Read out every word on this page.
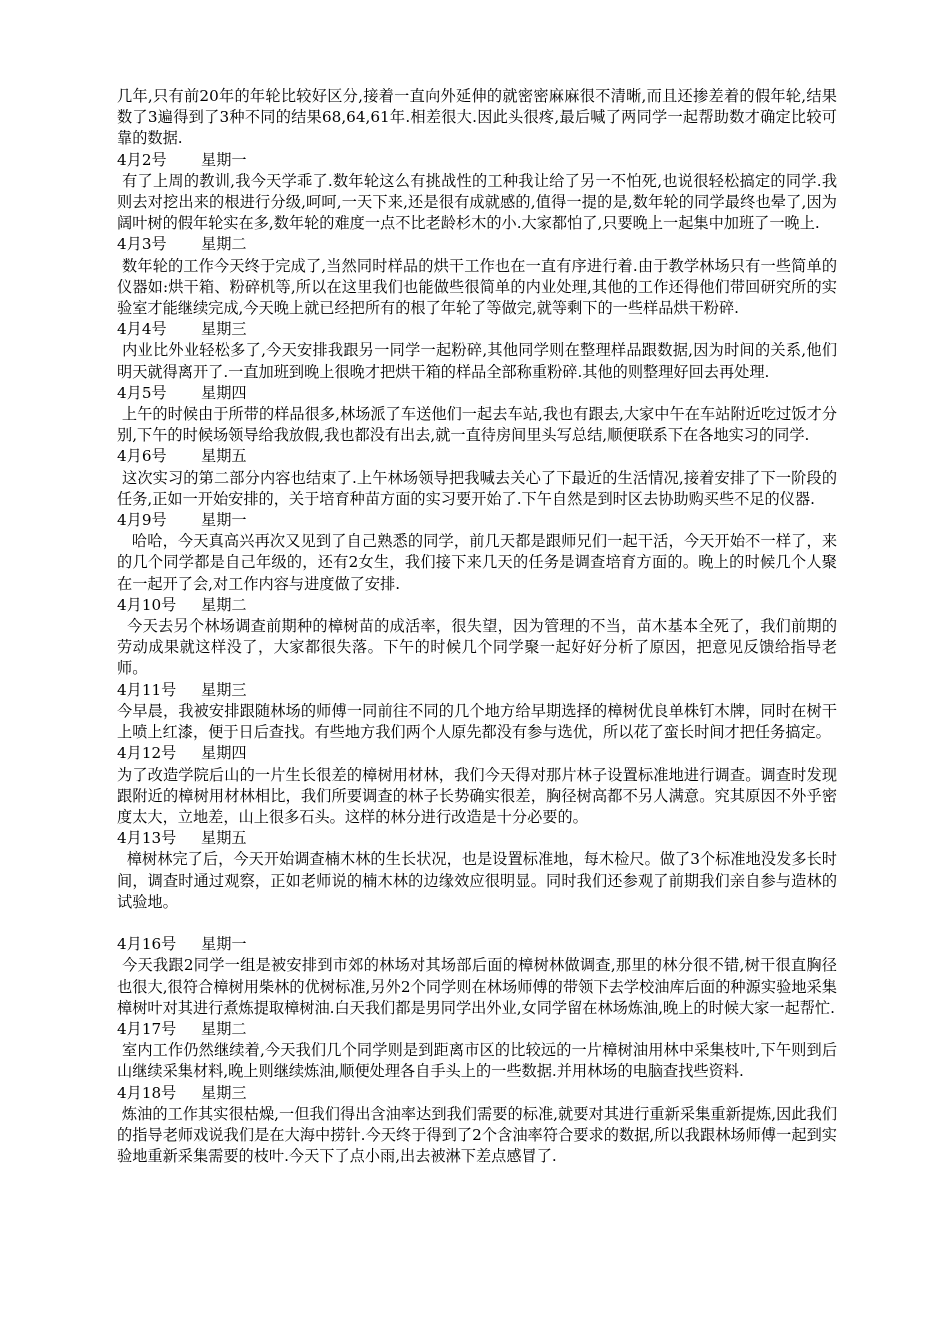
几年,只有前20年的年轮比较好区分,接着一直向外延伸的就密密麻麻很不清晰,而且还掺差着的假年轮,结果数了3遍得到了3种不同的结果68,64,61年.相差很大.因此头很疼,最后喊了两同学一起帮助数才确定比较可靠的数据.

4月2号 星期一

有了上周的教训,我今天学乖了.数年轮这么有挑战性的工种我让给了另一不怕死,也说很轻松搞定的同学.我则去对挖出来的根进行分级,呵呵,一天下来,还是很有成就感的,值得一提的是,数年轮的同学最终也晕了,因为阔叶树的假年轮实在多,数年轮的难度一点不比老龄杉木的小.大家都怕了,只要晚上一起集中加班了一晚上.

4月3号 星期二

数年轮的工作今天终于完成了,当然同时样品的烘干工作也在一直有序进行着.由于教学林场只有一些简单的仪器如:烘干箱、粉碎机等,所以在这里我们也能做些很简单的内业处理,其他的工作还得他们带回研究所的实验室才能继续完成,今天晚上就已经把所有的根了年轮了等做完,就等剩下的一些样品烘干粉碎.

4月4号 星期三

内业比外业轻松多了,今天安排我跟另一同学一起粉碎,其他同学则在整理样品跟数据,因为时间的关系,他们明天就得离开了.一直加班到晚上很晚才把烘干箱的样品全部称重粉碎.其他的则整理好回去再处理.

4月5号 星期四

上午的时候由于所带的样品很多,林场派了车送他们一起去车站,我也有跟去,大家中午在车站附近吃过饭才分别,下午的时候场领导给我放假,我也都没有出去,就一直待房间里头写总结,顺便联系下在各地实习的同学.

4月6号 星期五

这次实习的第二部分内容也结束了.上午林场领导把我喊去关心了下最近的生活情况,接着安排了下一阶段的任务,正如一开始安排的，关于培育种苗方面的实习要开始了.下午自然是到时区去协助购买些不足的仪器.

4月9号 星期一

哈哈，今天真高兴再次又见到了自己熟悉的同学，前几天都是跟师兄们一起干活，今天开始不一样了，来的几个同学都是自己年级的，还有2女生，我们接下来几天的任务是调查培育方面的。晚上的时候几个人聚在一起开了会,对工作内容与进度做了安排.

4月10号 星期二

今天去另个林场调查前期种的樟树苗的成活率，很失望，因为管理的不当，苗木基本全死了，我们前期的劳动成果就这样没了，大家都很失落。下午的时候几个同学聚一起好好分析了原因，把意见反馈给指导老师。

4月11号 星期三

今早晨，我被安排跟随林场的师傅一同前往不同的几个地方给早期选择的樟树优良单株钉木牌，同时在树干上喷上红漆，便于日后查找。有些地方我们两个人原先都没有参与选优，所以花了蛮长时间才把任务搞定。

4月12号 星期四

为了改造学院后山的一片生长很差的樟树用材林，我们今天得对那片林子设置标准地进行调查。调查时发现跟附近的樟树用材林相比，我们所要调查的林子长势确实很差，胸径树高都不另人满意。究其原因不外乎密度太大，立地差，山上很多石头。这样的林分进行改造是十分必要的。

4月13号 星期五

樟树林完了后，今天开始调查楠木林的生长状况，也是设置标准地，每木检尺。做了3个标准地没发多长时间，调查时通过观察，正如老师说的楠木林的边缘效应很明显。同时我们还参观了前期我们亲自参与造林的试验地。

4月16号 星期一

今天我跟2同学一组是被安排到市郊的林场对其场部后面的樟树林做调查,那里的林分很不错,树干很直胸径也很大,很符合樟树用柴林的优树标准,另外2个同学则在林场师傅的带领下去学校油库后面的种源实验地采集樟树叶对其进行煮炼提取樟树油.白天我们都是男同学出外业,女同学留在林场炼油,晚上的时候大家一起帮忙.

4月17号 星期二

室内工作仍然继续着,今天我们几个同学则是到距离市区的比较远的一片樟树油用林中采集枝叶,下午则到后山继续采集材料,晚上则继续炼油,顺便处理各自手头上的一些数据.并用林场的电脑查找些资料.

4月18号 星期三

炼油的工作其实很枯燥,一但我们得出含油率达到我们需要的标准,就要对其进行重新采集重新提炼,因此我们的指导老师戏说我们是在大海中捞针.今天终于得到了2个含油率符合要求的数据,所以我跟林场师傅一起到实验地重新采集需要的枝叶.今天下了点小雨,出去被淋下差点感冒了.
